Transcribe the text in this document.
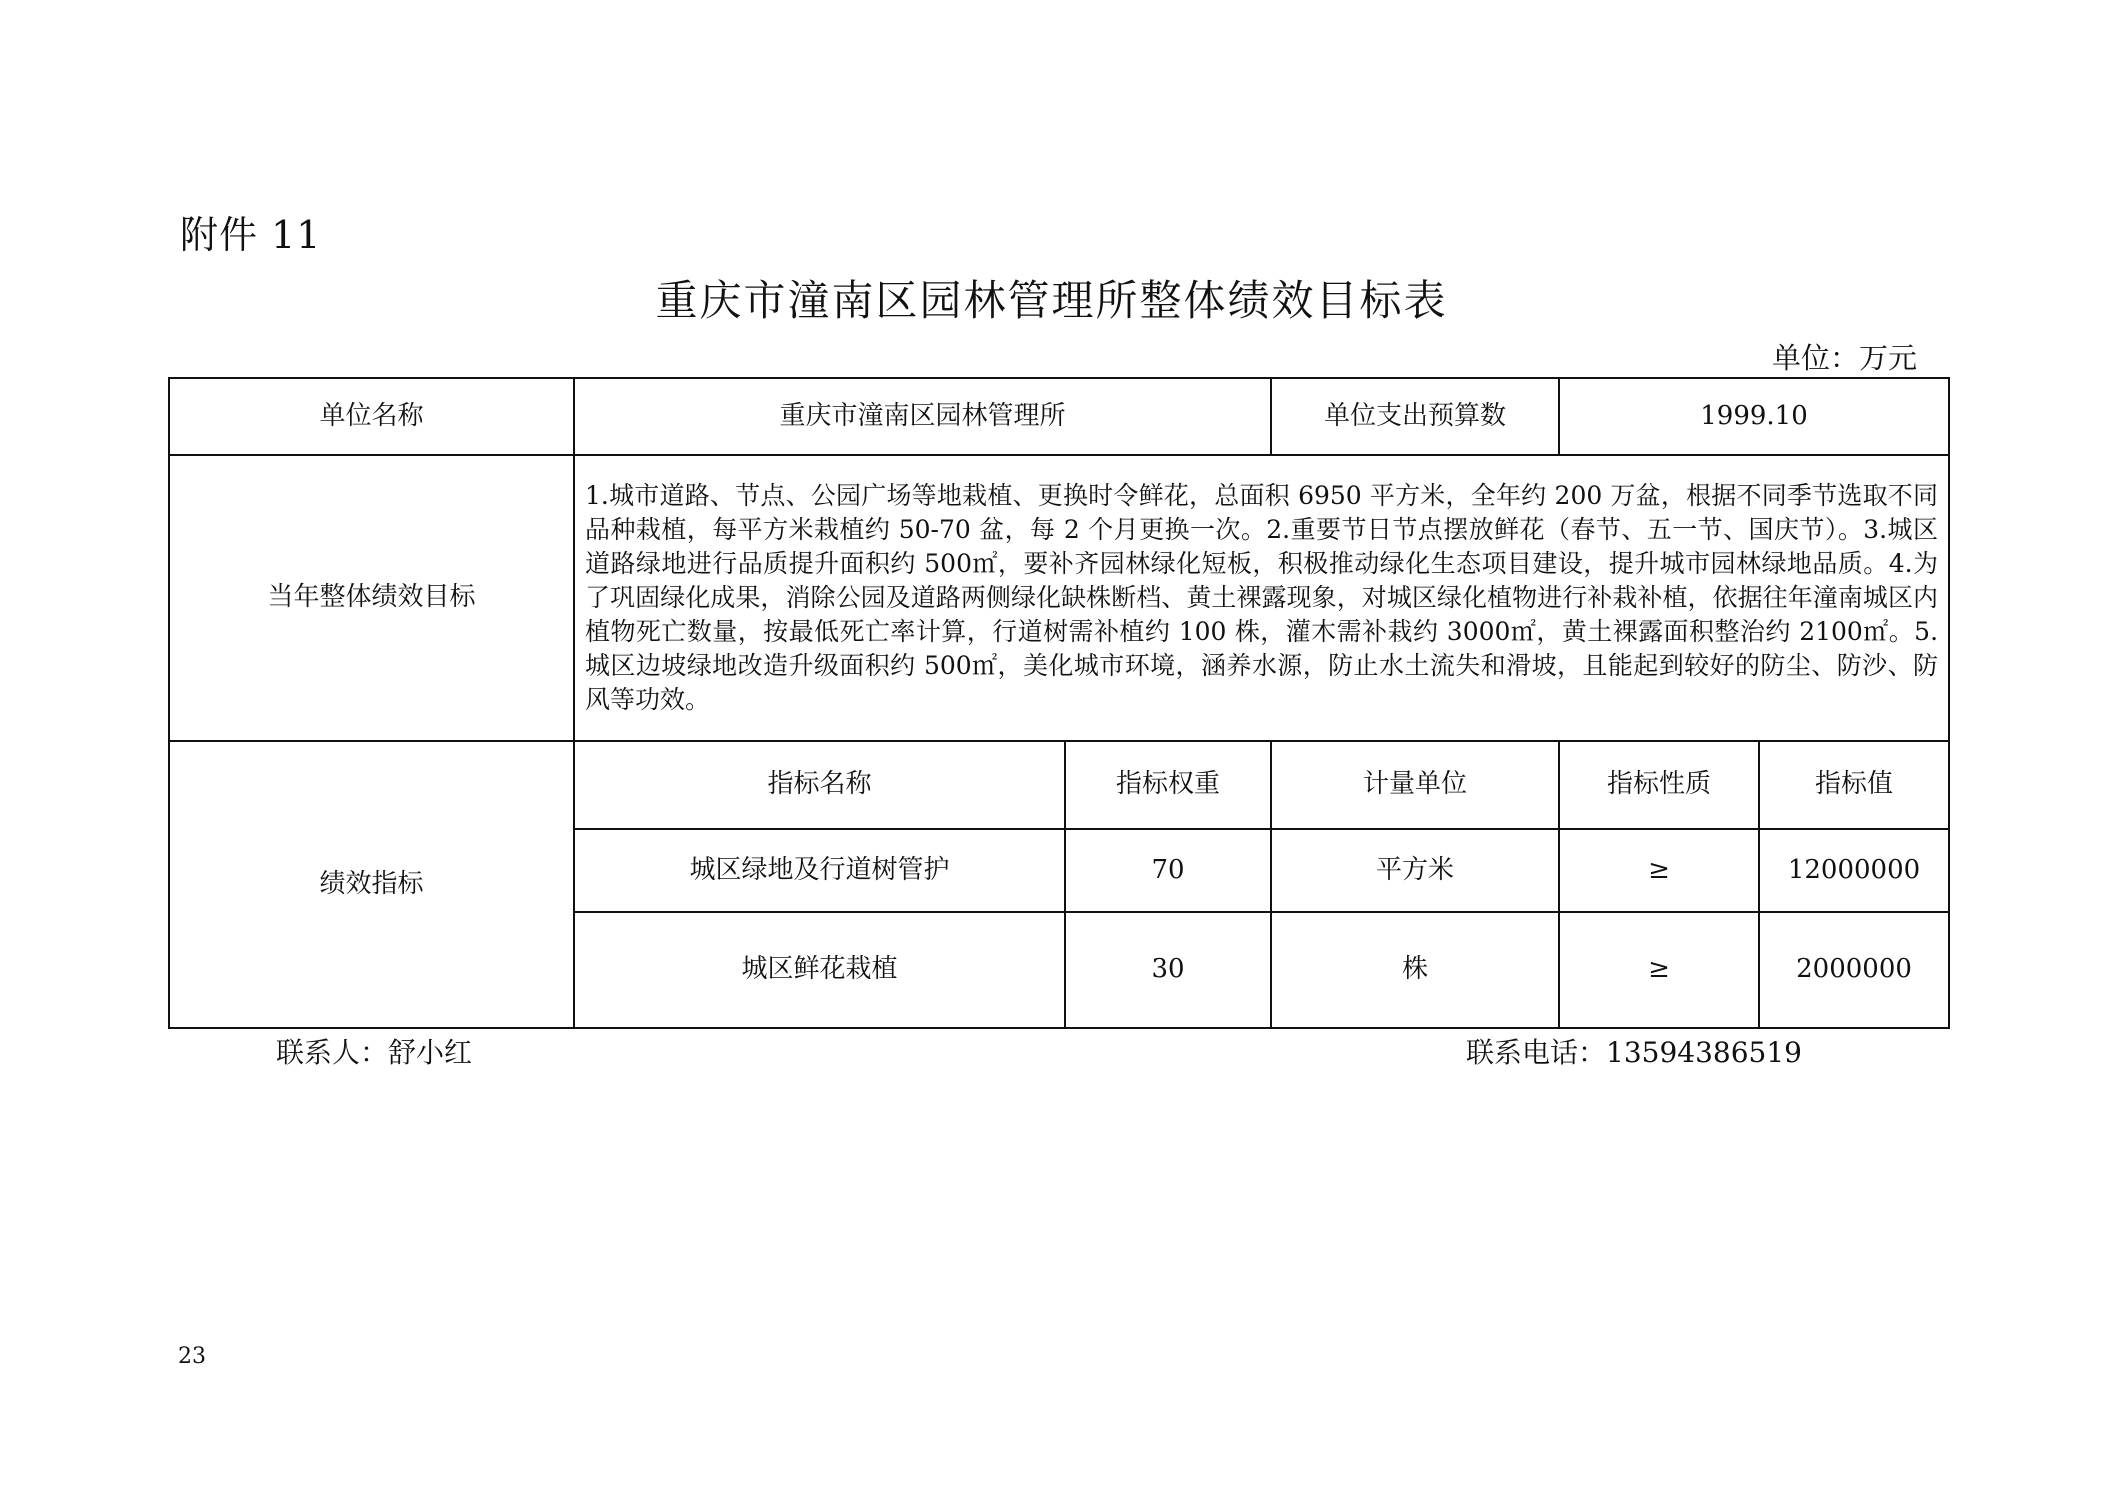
附件 11
重庆市潼南区园林管理所整体绩效目标表
单位：万元
单位名称	重庆市潼南区园林管理所		单位支出预算数	1999.10	
当年整体绩效目标	1.城市道路、节点、公园广场等地栽植、更换时令鲜花，总面积 6950 平方米，全年约 200 万盆，根据不同季节选取不同品种栽植，每平方米栽植约 50-70 盆，每 2 个月更换一次。2.重要节日节点摆放鲜花（春节、五一节、国庆节）。3.城区道路绿地进行品质提升面积约 500㎡，要补齐园林绿化短板，积极推动绿化生态项目建设，提升城市园林绿地品质。4.为了巩固绿化成果，消除公园及道路两侧绿化缺株断档、黄土裸露现象，对城区绿化植物进行补栽补植，依据往年潼南城区内植物死亡数量，按最低死亡率计算，行道树需补植约 100 株，灌木需补栽约 3000㎡，黄土裸露面积整治约 2100㎡。5.城区边坡绿地改造升级面积约 500㎡，美化城市环境，涵养水源，防止水土流失和滑坡，且能起到较好的防尘、防沙、防风等功效。				
绩效指标	指标名称	指标权重	计量单位	指标性质	指标值
	城区绿地及行道树管护	70	平方米	≥	12000000
	城区鲜花栽植	30	株	≥	2000000
联系人：舒小红	联系电话：13594386519
23
